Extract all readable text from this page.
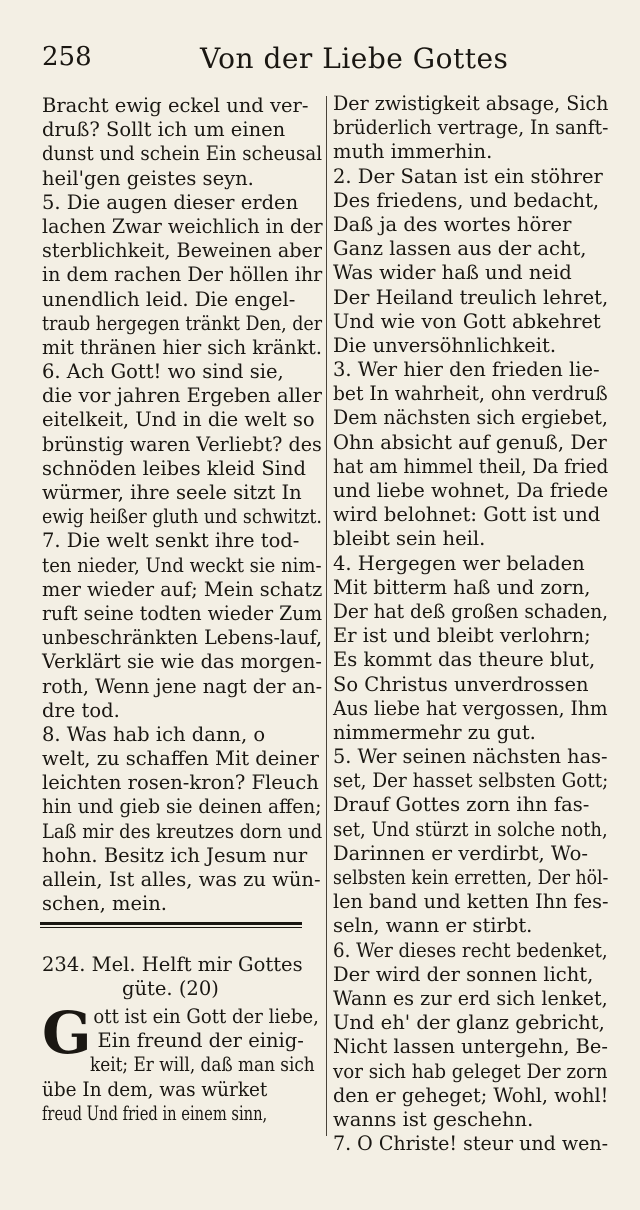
258	Von der Liebe Gottes
Bracht ewig eckel und ver-
druß? Sollt ich um einen
dunst und schein Ein scheusal
heil'gen geistes seyn.
5. Die augen dieser erden
lachen Zwar weichlich in der
sterblichkeit, Beweinen aber
in dem rachen Der höllen ihr
unendlich leid. Die engel-
traub hergegen tränkt Den, der
mit thränen hier sich kränkt.
6. Ach Gott! wo sind sie,
die vor jahren Ergeben aller
eitelkeit, Und in die welt so
brünstig waren Verliebt? des
schnöden leibes kleid Sind
würmer, ihre seele sitzt In
ewig heißer gluth und schwitzt.
7. Die welt senkt ihre tod-
ten nieder, Und weckt sie nim-
mer wieder auf; Mein schatz
ruft seine todten wieder Zum
unbeschränkten Lebens-lauf,
Verklärt sie wie das morgen-
roth, Wenn jene nagt der an-
dre tod.
8. Was hab ich dann, o
welt, zu schaffen Mit deiner
leichten rosen-kron? Fleuch
hin und gieb sie deinen affen;
Laß mir des kreutzes dorn und
hohn. Besitz ich Jesum nur
allein, Ist alles, was zu wün-
schen, mein.
234. Mel. Helft mir Gottes
güte. (20)
G ott ist ein Gott der liebe,
Ein freund der einig-
keit; Er will, daß man sich
übe In dem, was würket
freud Und fried in einem sinn,
Der zwistigkeit absage, Sich
brüderlich vertrage, In sanft-
muth immerhin.
2. Der Satan ist ein stöhrer
Des friedens, und bedacht,
Daß ja des wortes hörer
Ganz lassen aus der acht,
Was wider haß und neid
Der Heiland treulich lehret,
Und wie von Gott abkehret
Die unversöhnlichkeit.
3. Wer hier den frieden lie-
bet In wahrheit, ohn verdruß
Dem nächsten sich ergiebet,
Ohn absicht auf genuß, Der
hat am himmel theil, Da fried
und liebe wohnet, Da friede
wird belohnet: Gott ist und
bleibt sein heil.
4. Hergegen wer beladen
Mit bitterm haß und zorn,
Der hat deß großen schaden,
Er ist und bleibt verlohrn;
Es kommt das theure blut,
So Christus unverdrossen
Aus liebe hat vergossen, Ihm
nimmermehr zu gut.
5. Wer seinen nächsten has-
set, Der hasset selbsten Gott;
Drauf Gottes zorn ihn fas-
set, Und stürzt in solche noth,
Darinnen er verdirbt, Wo-
selbsten kein erretten, Der höl-
len band und ketten Ihn fes-
seln, wann er stirbt.
6. Wer dieses recht bedenket,
Der wird der sonnen licht,
Wann es zur erd sich lenket,
Und eh' der glanz gebricht,
Nicht lassen untergehn, Be-
vor sich hab geleget Der zorn
den er geheget; Wohl, wohl!
wanns ist geschehn.
7. O Christe! steur und wen-
